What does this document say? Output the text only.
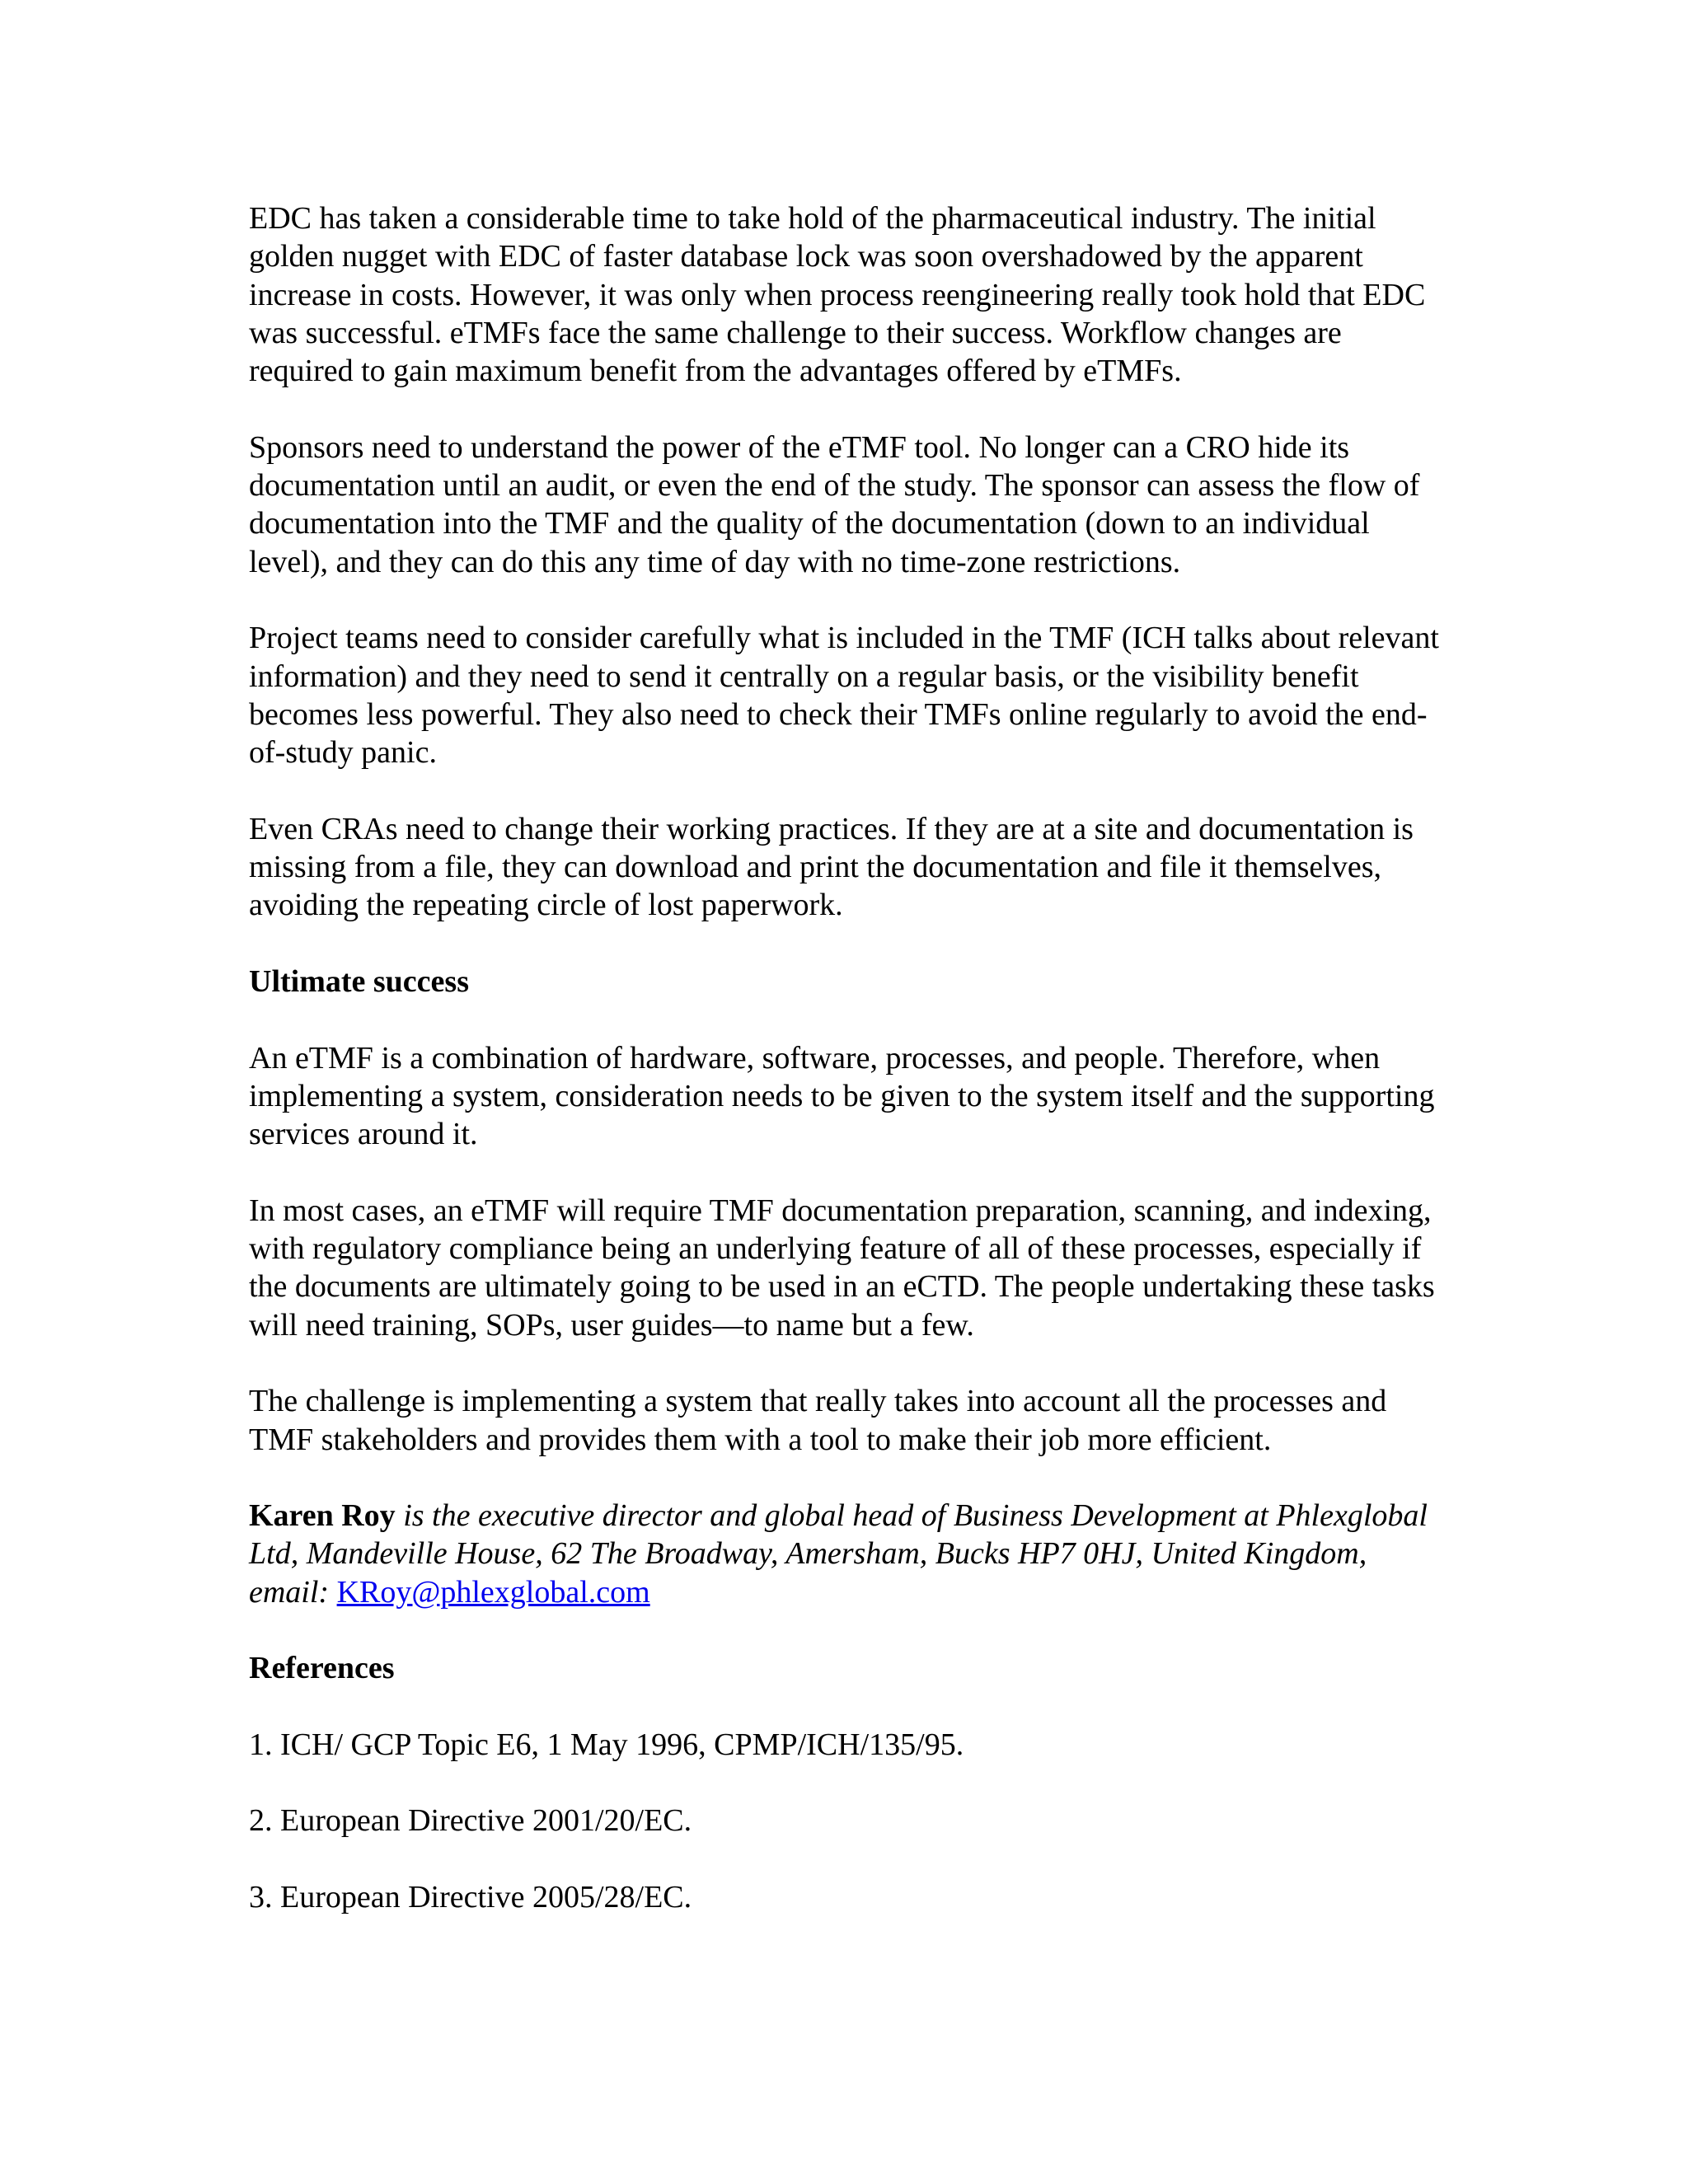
EDC has taken a considerable time to take hold of the pharmaceutical industry. The initial golden nugget with EDC of faster database lock was soon overshadowed by the apparent increase in costs. However, it was only when process reengineering really took hold that EDC was successful. eTMFs face the same challenge to their success. Workflow changes are required to gain maximum benefit from the advantages offered by eTMFs.

Sponsors need to understand the power of the eTMF tool. No longer can a CRO hide its documentation until an audit, or even the end of the study. The sponsor can assess the flow of documentation into the TMF and the quality of the documentation (down to an individual level), and they can do this any time of day with no time-zone restrictions.

Project teams need to consider carefully what is included in the TMF (ICH talks about relevant information) and they need to send it centrally on a regular basis, or the visibility benefit becomes less powerful. They also need to check their TMFs online regularly to avoid the end-of-study panic.

Even CRAs need to change their working practices. If they are at a site and documentation is missing from a file, they can download and print the documentation and file it themselves, avoiding the repeating circle of lost paperwork.

Ultimate success

An eTMF is a combination of hardware, software, processes, and people. Therefore, when implementing a system, consideration needs to be given to the system itself and the supporting services around it.

In most cases, an eTMF will require TMF documentation preparation, scanning, and indexing, with regulatory compliance being an underlying feature of all of these processes, especially if the documents are ultimately going to be used in an eCTD. The people undertaking these tasks will need training, SOPs, user guides—to name but a few.

The challenge is implementing a system that really takes into account all the processes and TMF stakeholders and provides them with a tool to make their job more efficient.

Karen Roy is the executive director and global head of Business Development at Phlexglobal Ltd, Mandeville House, 62 The Broadway, Amersham, Bucks HP7 0HJ, United Kingdom, email: KRoy@phlexglobal.com

References

1. ICH/ GCP Topic E6, 1 May 1996, CPMP/ICH/135/95.

2. European Directive 2001/20/EC.

3. European Directive 2005/28/EC.
